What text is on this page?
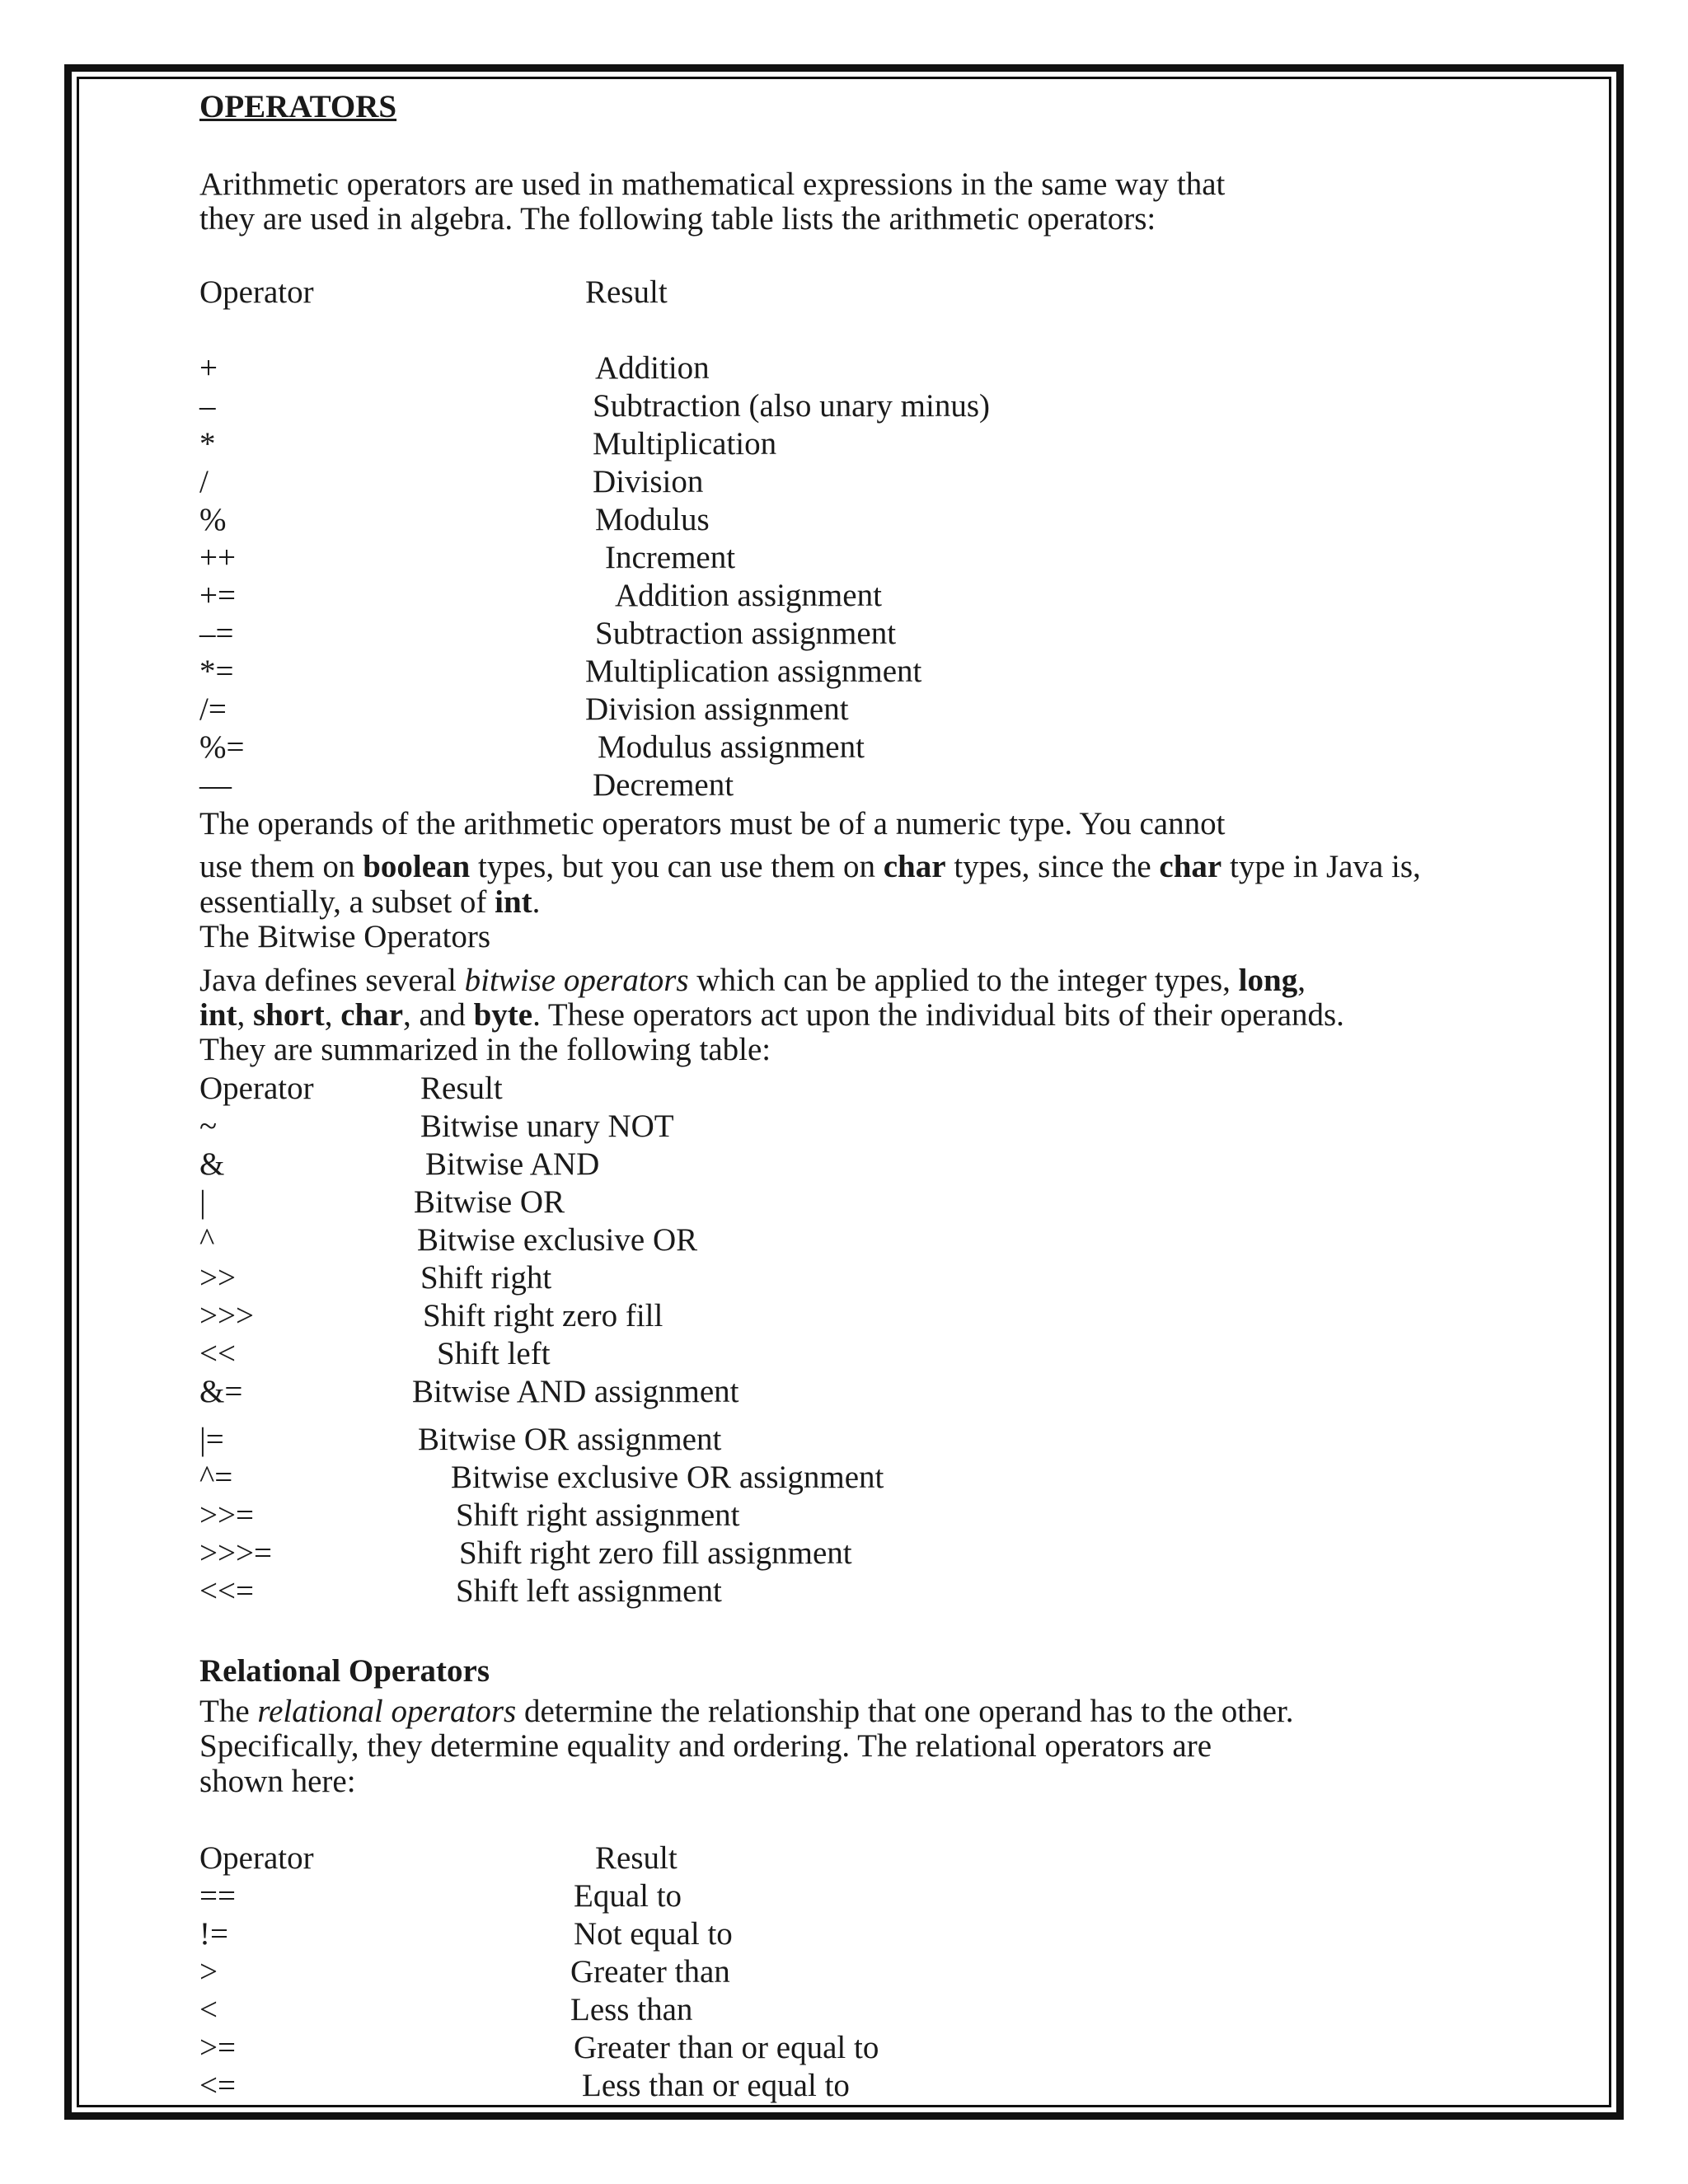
OPERATORS
Arithmetic operators are used in mathematical expressions in the same way that
they are used in algebra. The following table lists the arithmetic operators:
Operator	Result
+	Addition
–	Subtraction (also unary minus)
*	Multiplication
/	Division
%	Modulus
++	Increment
+=	Addition assignment
–=	Subtraction assignment
*=	Multiplication assignment
/=	Division assignment
%=	Modulus assignment
—	Decrement
The operands of the arithmetic operators must be of a numeric type. You cannot
use them on boolean types, but you can use them on char types, since the char type in Java is,
essentially, a subset of int.
The Bitwise Operators
Java defines several bitwise operators which can be applied to the integer types, long,
int, short, char, and byte. These operators act upon the individual bits of their operands.
They are summarized in the following table:
Operator	Result
~	Bitwise unary NOT
&	Bitwise AND
|	Bitwise OR
^	Bitwise exclusive OR
>>	Shift right
>>>	Shift right zero fill
<<	Shift left
&=	Bitwise AND assignment
|=	Bitwise OR assignment
^=	Bitwise exclusive OR assignment
>>=	Shift right assignment
>>>=	Shift right zero fill assignment
<<=	Shift left assignment
Relational Operators
The relational operators determine the relationship that one operand has to the other.
Specifically, they determine equality and ordering. The relational operators are
shown here:
Operator	Result
==	Equal to
!=	Not equal to
>	Greater than
<	Less than
>=	Greater than or equal to
<=	Less than or equal to
